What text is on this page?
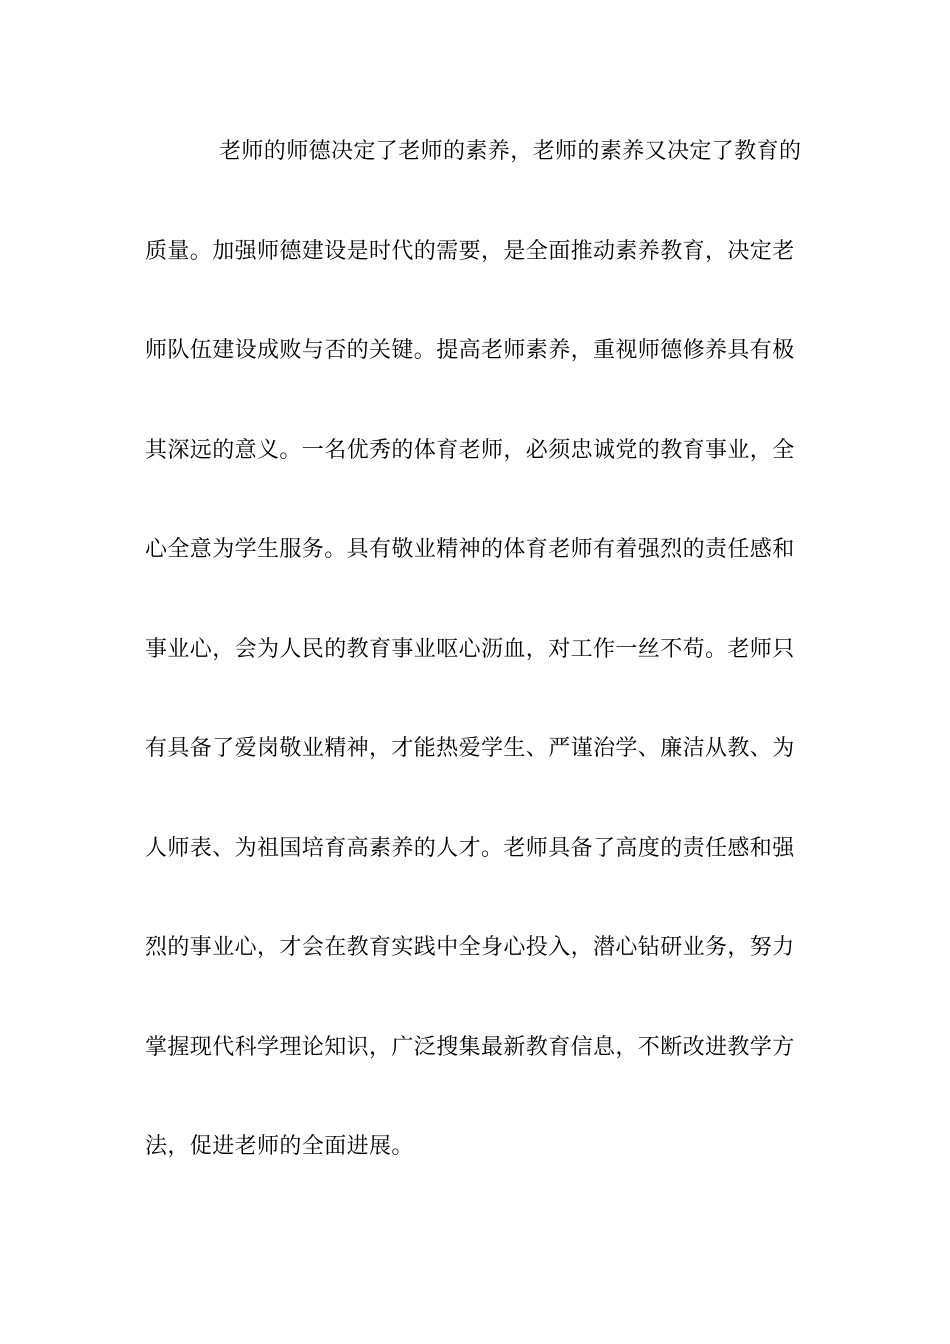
老师的师德决定了老师的素养，老师的素养又决定了教育的
质量。加强师德建设是时代的需要，是全面推动素养教育，决定老
师队伍建设成败与否的关键。提高老师素养，重视师德修养具有极
其深远的意义。一名优秀的体育老师，必须忠诚党的教育事业，全
心全意为学生服务。具有敬业精神的体育老师有着强烈的责任感和
事业心，会为人民的教育事业呕心沥血，对工作一丝不苟。老师只
有具备了爱岗敬业精神，才能热爱学生、严谨治学、廉洁从教、为
人师表、为祖国培育高素养的人才。老师具备了高度的责任感和强
烈的事业心，才会在教育实践中全身心投入，潜心钻研业务，努力
掌握现代科学理论知识，广泛搜集最新教育信息，不断改进教学方
法，促进老师的全面进展。
